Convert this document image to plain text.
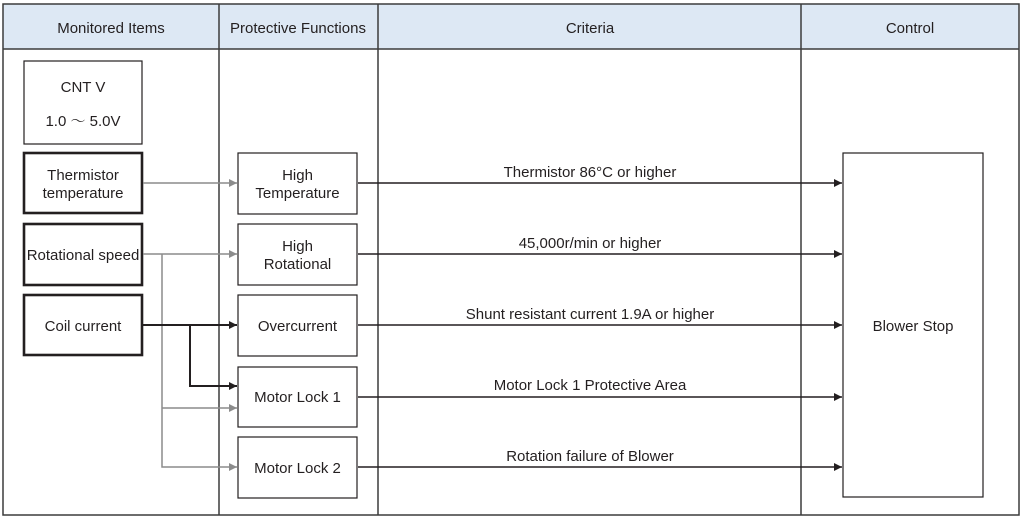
Monitored Items	Protective Functions	Criteria	Control
CNT V
1.0 〜 5.0V
Thermistor
temperature
Rotational speed
Coil current
High
Temperature
High
Rotational
Overcurrent
Motor Lock 1
Motor Lock 2
Thermistor 86°C or higher
45,000r/min or higher
Shunt resistant current 1.9A or higher
Motor Lock 1 Protective Area
Rotation failure of Blower
Blower Stop
